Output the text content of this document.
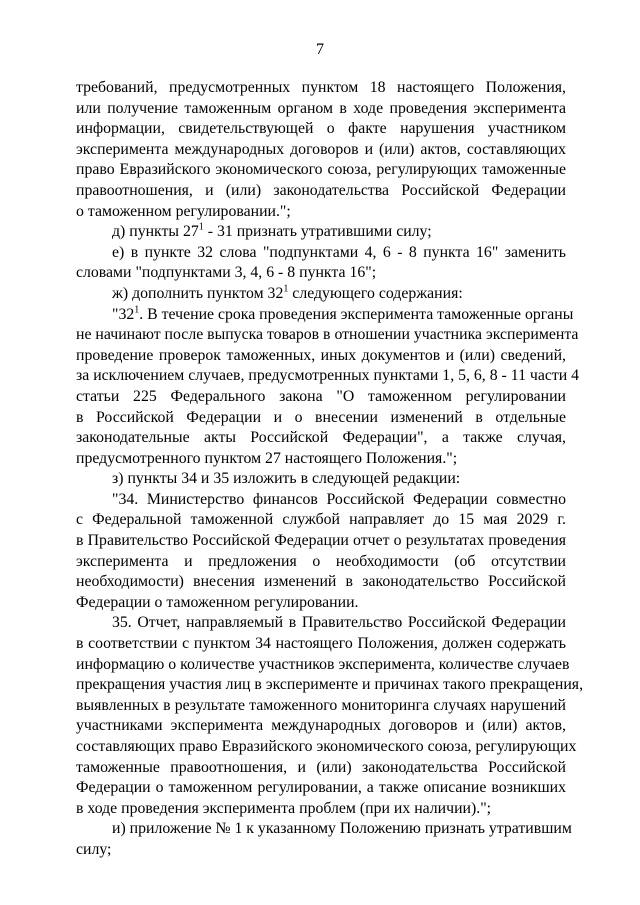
7
требований, предусмотренных пунктом 18 настоящего Положения,
или получение таможенным органом в ходе проведения эксперимента
информации, свидетельствующей о факте нарушения участником
эксперимента международных договоров и (или) актов, составляющих
право Евразийского экономического союза, регулирующих таможенные
правоотношения, и (или) законодательства Российской Федерации
о таможенном регулировании.";
д) пункты $27^1 - 31$ признать утратившими силу;
е) в пункте 32 слова "подпунктами 4, 6 - 8 пункта 16" заменить
словами "подпунктами 3, 4, 6 - 8 пункта 16";
ж) дополнить пунктом $32^1$ следующего содержания:
"$32^1$. В течение срока проведения эксперимента таможенные органы
не начинают после выпуска товаров в отношении участника эксперимента
проведение проверок таможенных, иных документов и (или) сведений,
за исключением случаев, предусмотренных пунктами 1, 5, 6, 8 - 11 части 4
статьи 225 Федерального закона "О таможенном регулировании
в Российской Федерации и о внесении изменений в отдельные
законодательные акты Российской Федерации", а также случая,
предусмотренного пунктом 27 настоящего Положения.";
з) пункты 34 и 35 изложить в следующей редакции:
"34. Министерство финансов Российской Федерации совместно
с Федеральной таможенной службой направляет до 15 мая 2029 г.
в Правительство Российской Федерации отчет о результатах проведения
эксперимента и предложения о необходимости (об отсутствии
необходимости) внесения изменений в законодательство Российской
Федерации о таможенном регулировании.
35. Отчет, направляемый в Правительство Российской Федерации
в соответствии с пунктом 34 настоящего Положения, должен содержать
информацию о количестве участников эксперимента, количестве случаев
прекращения участия лиц в эксперименте и причинах такого прекращения,
выявленных в результате таможенного мониторинга случаях нарушений
участниками эксперимента международных договоров и (или) актов,
составляющих право Евразийского экономического союза, регулирующих
таможенные правоотношения, и (или) законодательства Российской
Федерации о таможенном регулировании, а также описание возникших
в ходе проведения эксперимента проблем (при их наличии).";
и) приложение № 1 к указанному Положению признать утратившим
силу;
